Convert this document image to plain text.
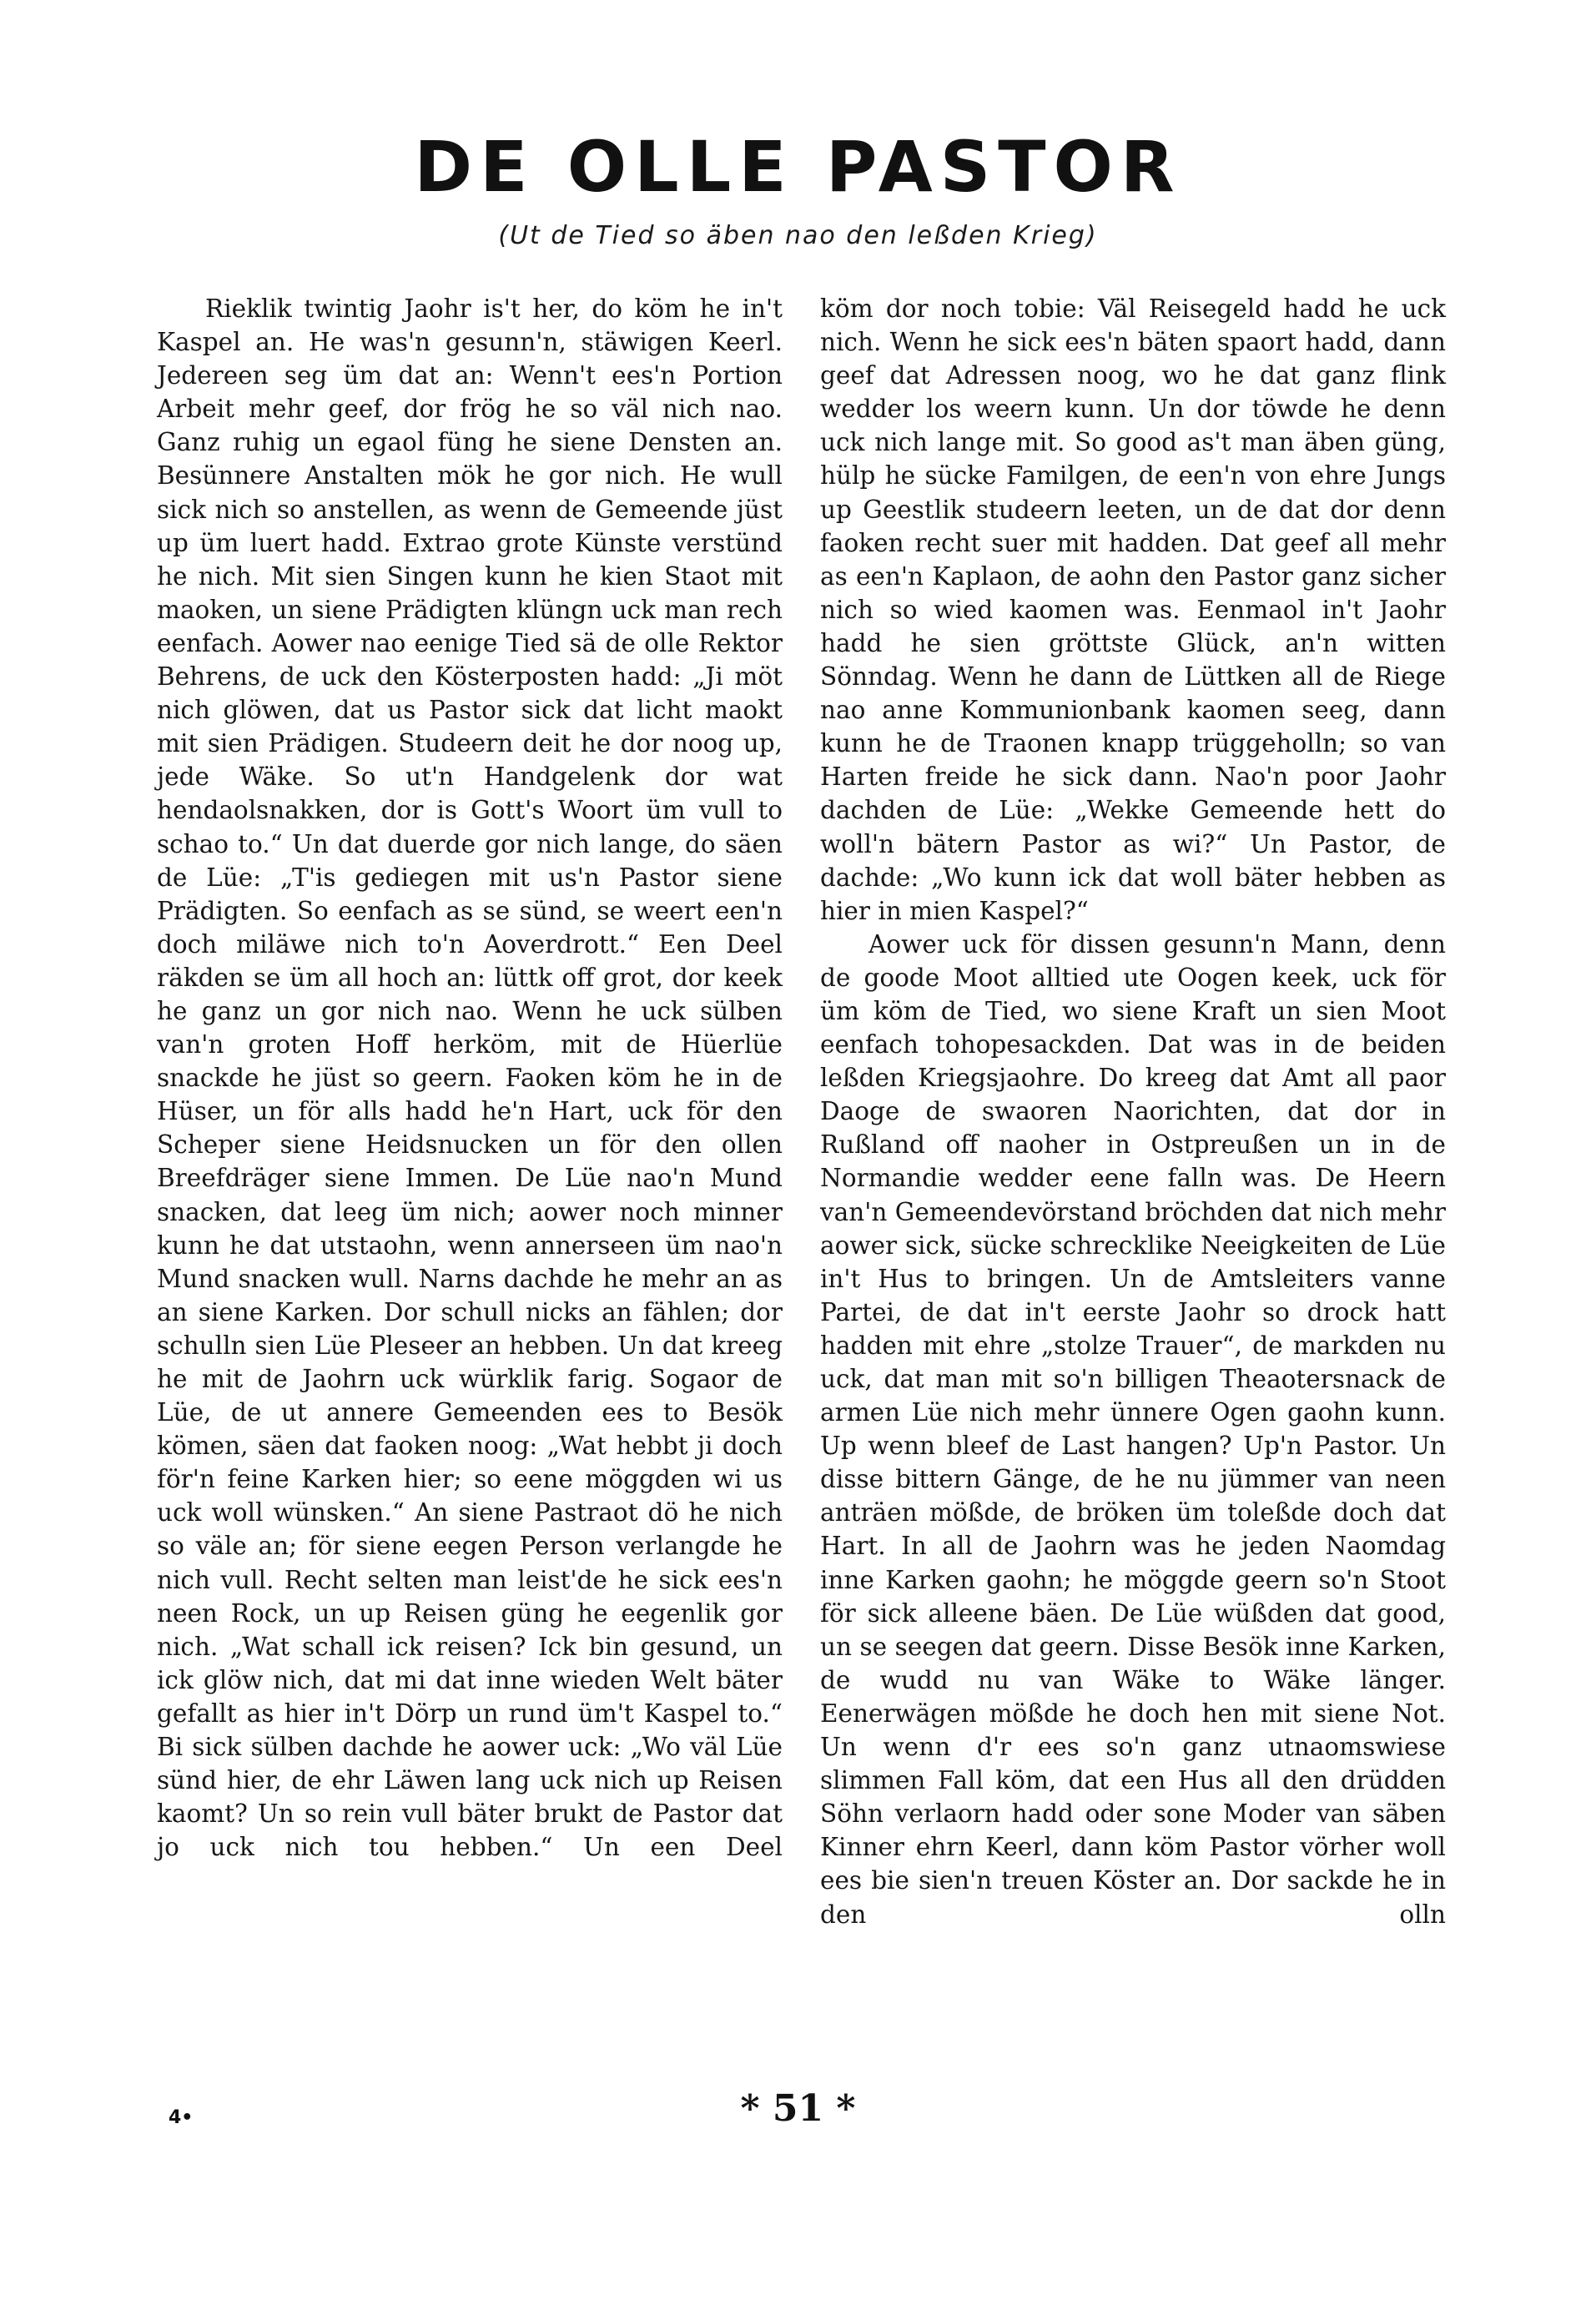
DE OLLE PASTOR
(Ut de Tied so äben nao den leßden Krieg)

Rieklik twintig Jaohr is't her, do köm he in't Kaspel an. He was'n gesunn'n, stäwigen Keerl. Jedereen seg üm dat an: Wenn't ees'n Portion Arbeit mehr geef, dor frög he so väl nich nao. Ganz ruhig un egaol füng he siene Densten an. Besünnere Anstalten mök he gor nich. He wull sick nich so anstellen, as wenn de Gemeende jüst up üm luert hadd. Extrao grote Künste verstünd he nich. Mit sien Singen kunn he kien Staot mit maoken, un siene Prädigten klüngn uck man rech eenfach. Aower nao eenige Tied sä de olle Rektor Behrens, de uck den Kösterposten hadd: „Ji möt nich glöwen, dat us Pastor sick dat licht maokt mit sien Prädigen. Studeern deit he dor noog up, jede Wäke. So ut'n Handgelenk dor wat hendaolsnakken, dor is Gott's Woort üm vull to schao to.“ Un dat duerde gor nich lange, do säen de Lüe: „T'is gediegen mit us'n Pastor siene Prädigten. So eenfach as se sünd, se weert een'n doch miläwe nich to'n Aoverdrott.“ Een Deel räkden se üm all hoch an: lüttk off grot, dor keek he ganz un gor nich nao. Wenn he uck sülben van'n groten Hoff herköm, mit de Hüerlüe snackde he jüst so geern. Faoken köm he in de Hüser, un för alls hadd he'n Hart, uck för den Scheper siene Heidsnucken un för den ollen Breefdräger siene Immen. De Lüe nao'n Mund snacken, dat leeg üm nich; aower noch minner kunn he dat utstaohn, wenn annerseen üm nao'n Mund snacken wull. Narns dachde he mehr an as an siene Karken. Dor schull nicks an fählen; dor schulln sien Lüe Pleseer an hebben. Un dat kreeg he mit de Jaohrn uck würklik farig. Sogaor de Lüe, de ut annere Gemeenden ees to Besök kömen, säen dat faoken noog: „Wat hebbt ji doch för'n feine Karken hier; so eene möggden wi us uck woll wünsken.“ An siene Pastraot dö he nich so väle an; för siene eegen Person verlangde he nich vull. Recht selten man leist'de he sick ees'n neen Rock, un up Reisen güng he eegenlik gor nich. „Wat schall ick reisen? Ick bin gesund, un ick glöw nich, dat mi dat inne wieden Welt bäter gefallt as hier in't Dörp un rund üm't Kaspel to.“ Bi sick sülben dachde he aower uck: „Wo väl Lüe sünd hier, de ehr Läwen lang uck nich up Reisen kaomt? Un so rein vull bäter brukt de Pastor dat jo uck nich tou hebben.“ Un een Deel

köm dor noch tobie: Väl Reisegeld hadd he uck nich. Wenn he sick ees'n bäten spaort hadd, dann geef dat Adressen noog, wo he dat ganz flink wedder los weern kunn. Un dor töwde he denn uck nich lange mit. So good as't man äben güng, hülp he sücke Familgen, de een'n von ehre Jungs up Geestlik studeern leeten, un de dat dor denn faoken recht suer mit hadden. Dat geef all mehr as een'n Kaplaon, de aohn den Pastor ganz sicher nich so wied kaomen was. Eenmaol in't Jaohr hadd he sien gröttste Glück, an'n witten Sönndag. Wenn he dann de Lüttken all de Riege nao anne Kommunionbank kaomen seeg, dann kunn he de Traonen knapp trüggeholln; so van Harten freide he sick dann. Nao'n poor Jaohr dachden de Lüe: „Wekke Gemeende hett do woll'n bätern Pastor as wi?“ Un Pastor, de dachde: „Wo kunn ick dat woll bäter hebben as hier in mien Kaspel?“

Aower uck för dissen gesunn'n Mann, denn de goode Moot alltied ute Oogen keek, uck för üm köm de Tied, wo siene Kraft un sien Moot eenfach tohopesackden. Dat was in de beiden leßden Kriegsjaohre. Do kreeg dat Amt all paor Daoge de swaoren Naorichten, dat dor in Rußland off naoher in Ostpreußen un in de Normandie wedder eene falln was. De Heern van'n Gemeendevörstand bröchden dat nich mehr aower sick, sücke schrecklike Neeigkeiten de Lüe in't Hus to bringen. Un de Amtsleiters vanne Partei, de dat in't eerste Jaohr so drock hatt hadden mit ehre „stolze Trauer“, de markden nu uck, dat man mit so'n billigen Theaotersnack de armen Lüe nich mehr ünnere Ogen gaohn kunn. Up wenn bleef de Last hangen? Up'n Pastor. Un disse bittern Gänge, de he nu jümmer van neen anträen mößde, de bröken üm toleßde doch dat Hart. In all de Jaohrn was he jeden Naomdag inne Karken gaohn; he möggde geern so'n Stoot för sick alleene bäen. De Lüe wüßden dat good, un se seegen dat geern. Disse Besök inne Karken, de wudd nu van Wäke to Wäke länger. Eenerwägen mößde he doch hen mit siene Not. Un wenn d'r ees so'n ganz utnaomswiese slimmen Fall köm, dat een Hus all den drüdden Söhn verlaorn hadd oder sone Moder van säben Kinner ehrn Keerl, dann köm Pastor vörher woll ees bie sien'n treuen Köster an. Dor sackde he in den olln

4•	* 51 *
